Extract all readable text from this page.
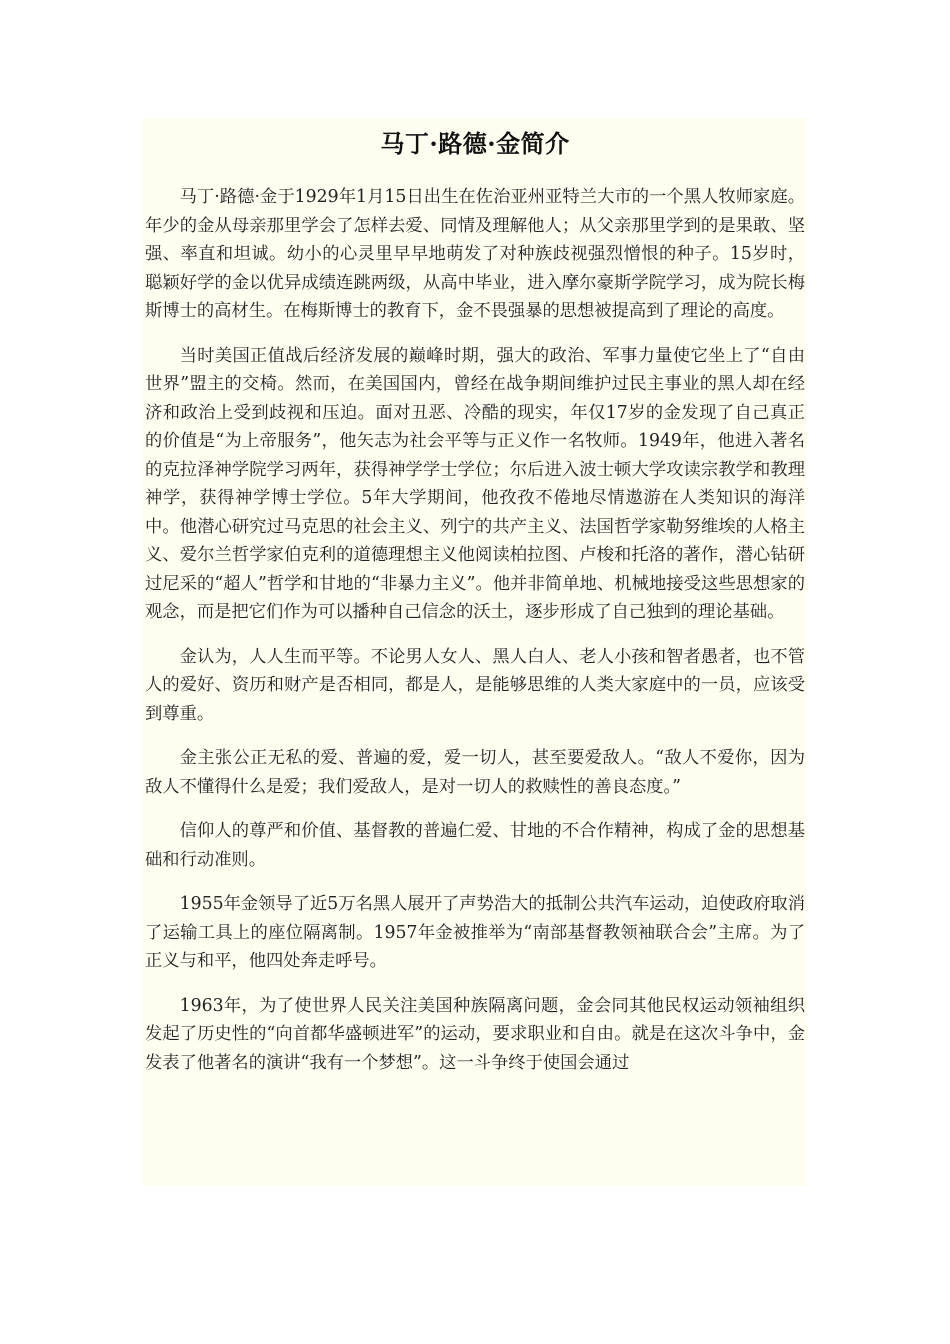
马丁·路德·金简介

马丁·路德·金于1929年1月15日出生在佐治亚州亚特兰大市的一个黑人牧师家庭。年少的金从母亲那里学会了怎样去爱、同情及理解他人；从父亲那里学到的是果敢、坚强、率直和坦诚。幼小的心灵里早早地萌发了对种族歧视强烈憎恨的种子。15岁时，聪颖好学的金以优异成绩连跳两级，从高中毕业，进入摩尔豪斯学院学习，成为院长梅斯博士的高材生。在梅斯博士的教育下，金不畏强暴的思想被提高到了理论的高度。

当时美国正值战后经济发展的巅峰时期，强大的政治、军事力量使它坐上了“自由世界”盟主的交椅。然而，在美国国内，曾经在战争期间维护过民主事业的黑人却在经济和政治上受到歧视和压迫。面对丑恶、冷酷的现实，年仅17岁的金发现了自己真正的价值是“为上帝服务”，他矢志为社会平等与正义作一名牧师。1949年，他进入著名的克拉泽神学院学习两年，获得神学学士学位；尔后进入波士顿大学攻读宗教学和教理神学，获得神学博士学位。5年大学期间，他孜孜不倦地尽情遨游在人类知识的海洋中。他潜心研究过马克思的社会主义、列宁的共产主义、法国哲学家勒努维埃的人格主义、爱尔兰哲学家伯克利的道德理想主义他阅读柏拉图、卢梭和托洛的著作，潜心钻研过尼采的“超人”哲学和甘地的“非暴力主义”。他并非简单地、机械地接受这些思想家的观念，而是把它们作为可以播种自己信念的沃土，逐步形成了自己独到的理论基础。

金认为，人人生而平等。不论男人女人、黑人白人、老人小孩和智者愚者，也不管人的爱好、资历和财产是否相同，都是人，是能够思维的人类大家庭中的一员，应该受到尊重。

金主张公正无私的爱、普遍的爱，爱一切人，甚至要爱敌人。“敌人不爱你，因为敌人不懂得什么是爱；我们爱敌人，是对一切人的救赎性的善良态度。”

信仰人的尊严和价值、基督教的普遍仁爱、甘地的不合作精神，构成了金的思想基础和行动准则。

1955年金领导了近5万名黑人展开了声势浩大的抵制公共汽车运动，迫使政府取消了运输工具上的座位隔离制。1957年金被推举为“南部基督教领袖联合会”主席。为了正义与和平，他四处奔走呼号。

1963年，为了使世界人民关注美国种族隔离问题，金会同其他民权运动领袖组织发起了历史性的“向首都华盛顿进军”的运动，要求职业和自由。就是在这次斗争中，金发表了他著名的演讲“我有一个梦想”。这一斗争终于使国会通过
